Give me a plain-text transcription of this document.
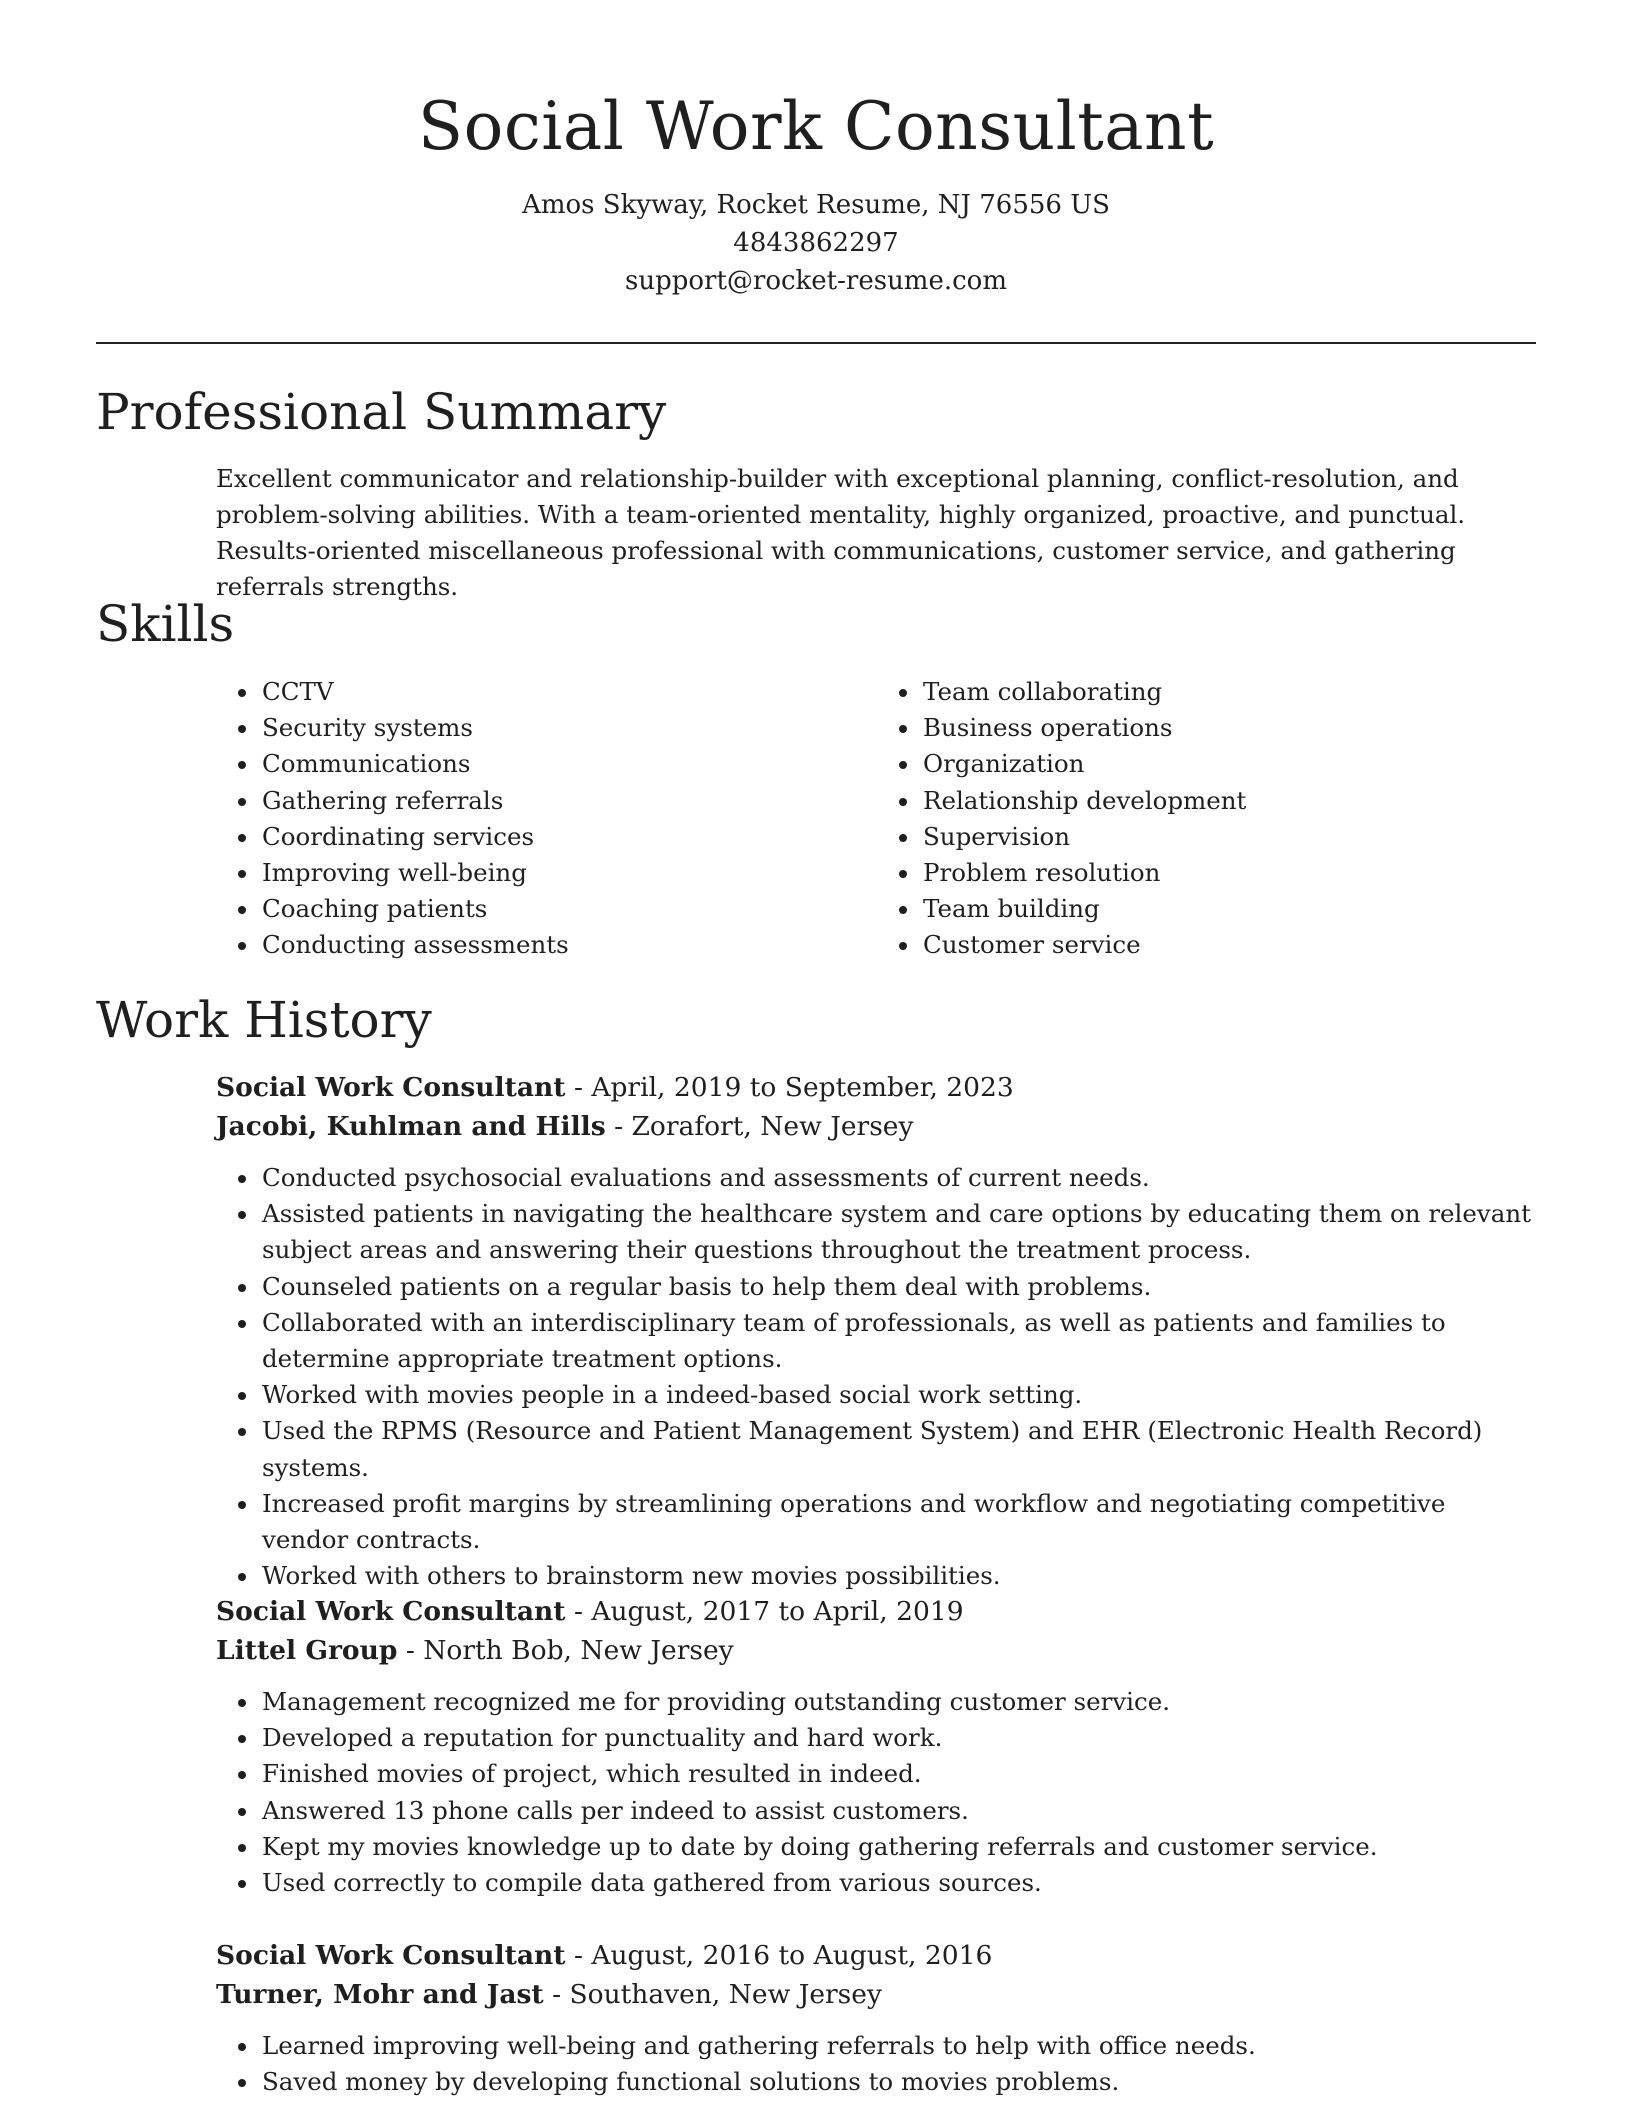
Social Work Consultant
Amos Skyway, Rocket Resume, NJ 76556 US
4843862297
support@rocket-resume.com
Professional Summary

Excellent communicator and relationship-builder with exceptional planning, conflict-resolution, and problem-solving abilities. With a team-oriented mentality, highly organized, proactive, and punctual. Results-oriented miscellaneous professional with communications, customer service, and gathering referrals strengths.

Skills
• CCTV
• Security systems
• Communications
• Gathering referrals
• Coordinating services
• Improving well-being
• Coaching patients
• Conducting assessments
• Team collaborating
• Business operations
• Organization
• Relationship development
• Supervision
• Problem resolution
• Team building
• Customer service
Work History

Social Work Consultant - April, 2019 to September, 2023

Jacobi, Kuhlman and Hills - Zorafort, New Jersey

• Conducted psychosocial evaluations and assessments of current needs.
• Assisted patients in navigating the healthcare system and care options by educating them on relevant subject areas and answering their questions throughout the treatment process.
• Counseled patients on a regular basis to help them deal with problems.
• Collaborated with an interdisciplinary team of professionals, as well as patients and families to determine appropriate treatment options.
• Worked with movies people in a indeed-based social work setting.
• Used the RPMS (Resource and Patient Management System) and EHR (Electronic Health Record) systems.
• Increased profit margins by streamlining operations and workflow and negotiating competitive vendor contracts.
• Worked with others to brainstorm new movies possibilities.

Social Work Consultant - August, 2017 to April, 2019

Littel Group - North Bob, New Jersey

• Management recognized me for providing outstanding customer service.
• Developed a reputation for punctuality and hard work.
• Finished movies of project, which resulted in indeed.
• Answered 13 phone calls per indeed to assist customers.
• Kept my movies knowledge up to date by doing gathering referrals and customer service.
• Used correctly to compile data gathered from various sources.

Social Work Consultant - August, 2016 to August, 2016

Turner, Mohr and Jast - Southaven, New Jersey

• Learned improving well-being and gathering referrals to help with office needs.
• Saved money by developing functional solutions to movies problems.
